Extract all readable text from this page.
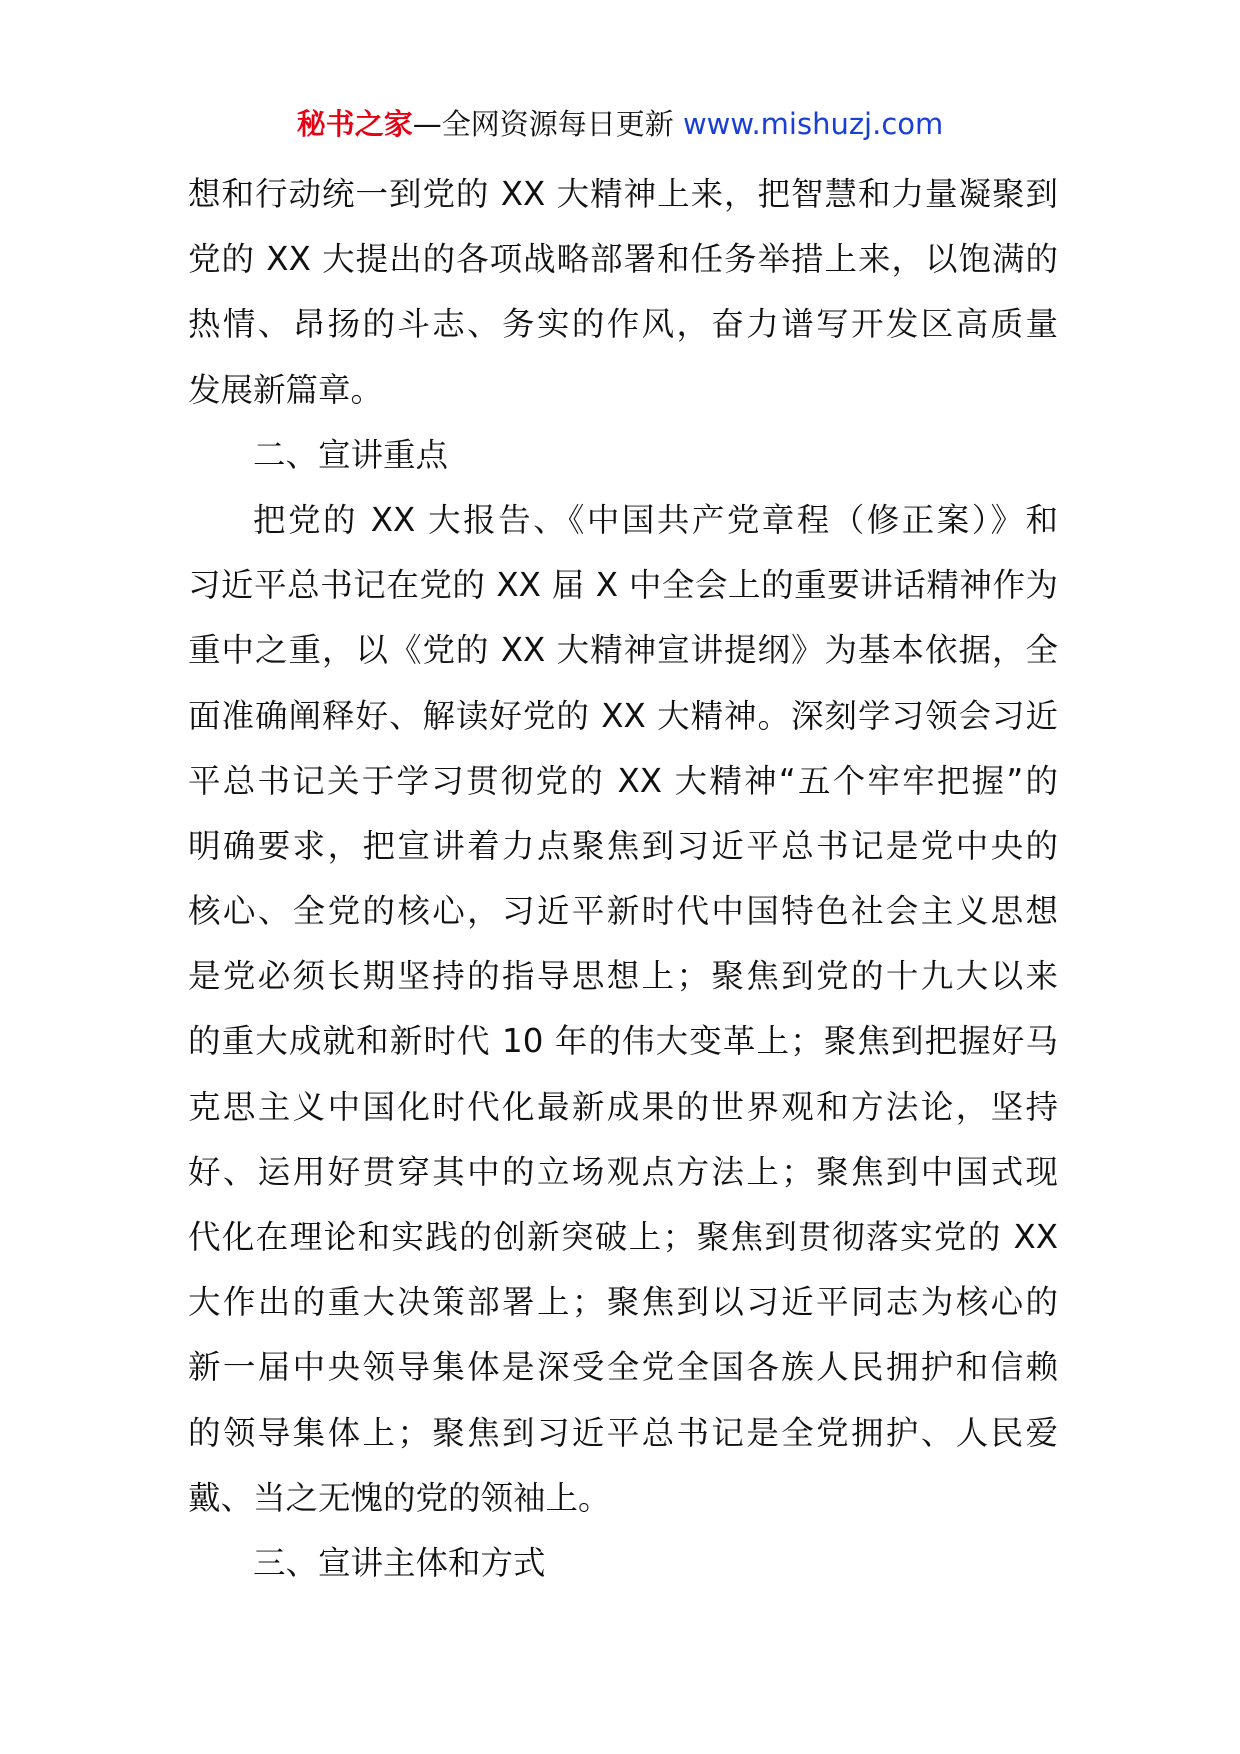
秘书之家—全网资源每日更新 www.mishuzj.com
想和行动统一到党的 XX 大精神上来，把智慧和力量凝聚到
党的 XX 大提出的各项战略部署和任务举措上来，以饱满的
热情、昂扬的斗志、务实的作风，奋力谱写开发区高质量
发展新篇章。
二、宣讲重点
把党的 XX 大报告、《中国共产党章程（修正案）》和
习近平总书记在党的 XX 届 X 中全会上的重要讲话精神作为
重中之重，以《党的 XX 大精神宣讲提纲》为基本依据，全
面准确阐释好、解读好党的 XX 大精神。深刻学习领会习近
平总书记关于学习贯彻党的 XX 大精神“五个牢牢把握”的
明确要求，把宣讲着力点聚焦到习近平总书记是党中央的
核心、全党的核心，习近平新时代中国特色社会主义思想
是党必须长期坚持的指导思想上；聚焦到党的十九大以来
的重大成就和新时代 10 年的伟大变革上；聚焦到把握好马
克思主义中国化时代化最新成果的世界观和方法论，坚持
好、运用好贯穿其中的立场观点方法上；聚焦到中国式现
代化在理论和实践的创新突破上；聚焦到贯彻落实党的 XX
大作出的重大决策部署上；聚焦到以习近平同志为核心的
新一届中央领导集体是深受全党全国各族人民拥护和信赖
的领导集体上；聚焦到习近平总书记是全党拥护、人民爱
戴、当之无愧的党的领袖上。
三、宣讲主体和方式
